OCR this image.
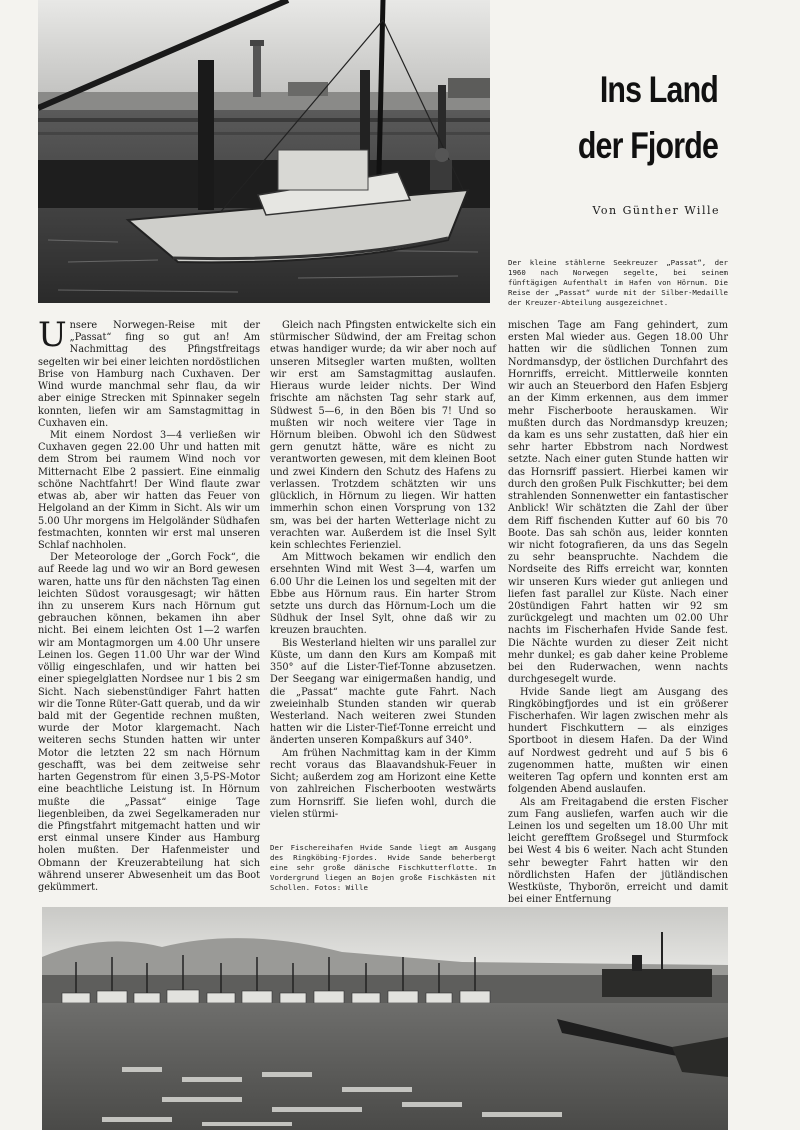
Ins Land
der Fjorde
Von Günther Wille
Der kleine stählerne Seekreuzer „Passat“, der 1960 nach Norwegen segelte, bei seinem fünftägigen Aufenthalt im Hafen von Hörnum. Die Reise der „Passat“ wurde mit der Silber-Medaille der Kreuzer-Abteilung ausgezeichnet.

Unsere Norwegen-Reise mit der „Passat“ fing so gut an! Am Nachmittag des Pfingstfreitags segelten wir bei einer leichten nordöstlichen Brise von Hamburg nach Cuxhaven. Der Wind wurde manchmal sehr flau, da wir aber einige Strecken mit Spinnaker segeln konnten, liefen wir am Samstagmittag in Cuxhaven ein.

Mit einem Nordost 3—4 verließen wir Cuxhaven gegen 22.00 Uhr und hatten mit dem Strom bei raumem Wind noch vor Mitternacht Elbe 2 passiert. Eine einmalig schöne Nachtfahrt! Der Wind flaute zwar etwas ab, aber wir hatten das Feuer von Helgoland an der Kimm in Sicht. Als wir um 5.00 Uhr morgens im Helgoländer Südhafen festmachten, konnten wir erst mal unseren Schlaf nachholen.

Der Meteorologe der „Gorch Fock“, die auf Reede lag und wo wir an Bord gewesen waren, hatte uns für den nächsten Tag einen leichten Südost vorausgesagt; wir hätten ihn zu unserem Kurs nach Hörnum gut gebrauchen können, bekamen ihn aber nicht. Bei einem leichten Ost 1—2 warfen wir am Montagmorgen um 4.00 Uhr unsere Leinen los. Gegen 11.00 Uhr war der Wind völlig eingeschlafen, und wir hatten bei einer spiegelglatten Nordsee nur 1 bis 2 sm Sicht. Nach siebenstündiger Fahrt hatten wir die Tonne Rüter-Gatt querab, und da wir bald mit der Gegentide rechnen mußten, wurde der Motor klargemacht. Nach weiteren sechs Stunden hatten wir unter Motor die letzten 22 sm nach Hörnum geschafft, was bei dem zeitweise sehr harten Gegenstrom für einen 3,5-PS-Motor eine beachtliche Leistung ist. In Hörnum mußte die „Passat“ einige Tage liegenbleiben, da zwei Segelkameraden nur die Pfingstfahrt mitgemacht hatten und wir erst einmal unsere Kinder aus Hamburg holen mußten. Der Hafenmeister und Obmann der Kreuzerabteilung hat sich während unserer Abwesenheit um das Boot gekümmert.

Gleich nach Pfingsten entwickelte sich ein stürmischer Südwind, der am Freitag schon etwas handiger wurde; da wir aber noch auf unseren Mitsegler warten mußten, wollten wir erst am Samstagmittag auslaufen. Hieraus wurde leider nichts. Der Wind frischte am nächsten Tag sehr stark auf, Südwest 5—6, in den Böen bis 7! Und so mußten wir noch weitere vier Tage in Hörnum bleiben. Obwohl ich den Südwest gern genutzt hätte, wäre es nicht zu verantworten gewesen, mit dem kleinen Boot und zwei Kindern den Schutz des Hafens zu verlassen. Trotzdem schätzten wir uns glücklich, in Hörnum zu liegen. Wir hatten immerhin schon einen Vorsprung von 132 sm, was bei der harten Wetterlage nicht zu verachten war. Außerdem ist die Insel Sylt kein schlechtes Ferienziel.

Am Mittwoch bekamen wir endlich den ersehnten Wind mit West 3—4, warfen um 6.00 Uhr die Leinen los und segelten mit der Ebbe aus Hörnum raus. Ein harter Strom setzte uns durch das Hörnum-Loch um die Südhuk der Insel Sylt, ohne daß wir zu kreuzen brauchten.

Bis Westerland hielten wir uns parallel zur Küste, um dann den Kurs am Kompaß mit 350° auf die Lister-Tief-Tonne abzusetzen. Der Seegang war einigermaßen handig, und die „Passat“ machte gute Fahrt. Nach zweieinhalb Stunden standen wir querab Westerland. Nach weiteren zwei Stunden hatten wir die Lister-Tief-Tonne erreicht und änderten unseren Kompaßkurs auf 340°.

Am frühen Nachmittag kam in der Kimm recht voraus das Blaavandshuk-Feuer in Sicht; außerdem zog am Horizont eine Kette von zahlreichen Fischerbooten westwärts zum Hornsriff. Sie liefen wohl, durch die vielen stürmi-

Der Fischereihafen Hvide Sande liegt am Ausgang des Ringköbing-Fjordes. Hvide Sande beherbergt eine sehr große dänische Fischkutterflotte. Im Vordergrund liegen an Bojen große Fischkästen mit Schollen. Fotos: Wille

mischen Tage am Fang gehindert, zum ersten Mal wieder aus. Gegen 18.00 Uhr hatten wir die südlichen Tonnen zum Nordmansdyp, der östlichen Durchfahrt des Hornriffs, erreicht. Mittlerweile konnten wir auch an Steuerbord den Hafen Esbjerg an der Kimm erkennen, aus dem immer mehr Fischerboote herauskamen. Wir mußten durch das Nordmansdyp kreuzen; da kam es uns sehr zustatten, daß hier ein sehr harter Ebbstrom nach Nordwest setzte. Nach einer guten Stunde hatten wir das Hornsriff passiert. Hierbei kamen wir durch den großen Pulk Fischkutter; bei dem strahlenden Sonnenwetter ein fantastischer Anblick! Wir schätzten die Zahl der über dem Riff fischenden Kutter auf 60 bis 70 Boote. Das sah schön aus, leider konnten wir nicht fotografieren, da uns das Segeln zu sehr beanspruchte. Nachdem die Nordseite des Riffs erreicht war, konnten wir unseren Kurs wieder gut anliegen und liefen fast parallel zur Küste. Nach einer 20stündigen Fahrt hatten wir 92 sm zurückgelegt und machten um 02.00 Uhr nachts im Fischerhafen Hvide Sande fest. Die Nächte wurden zu dieser Zeit nicht mehr dunkel; es gab daher keine Probleme bei den Ruderwachen, wenn nachts durchgesegelt wurde.

Hvide Sande liegt am Ausgang des Ringköbingfjordes und ist ein größerer Fischerhafen. Wir lagen zwischen mehr als hundert Fischkuttern — als einziges Sportboot in diesem Hafen. Da der Wind auf Nordwest gedreht und auf 5 bis 6 zugenommen hatte, mußten wir einen weiteren Tag opfern und konnten erst am folgenden Abend auslaufen.

Als am Freitagabend die ersten Fischer zum Fang ausliefen, warfen auch wir die Leinen los und segelten um 18.00 Uhr mit leicht gerefftem Großsegel und Sturmfock bei West 4 bis 6 weiter. Nach acht Stunden sehr bewegter Fahrt hatten wir den nördlichsten Hafen der jütländischen Westküste, Thyborön, erreicht und damit bei einer Entfernung
